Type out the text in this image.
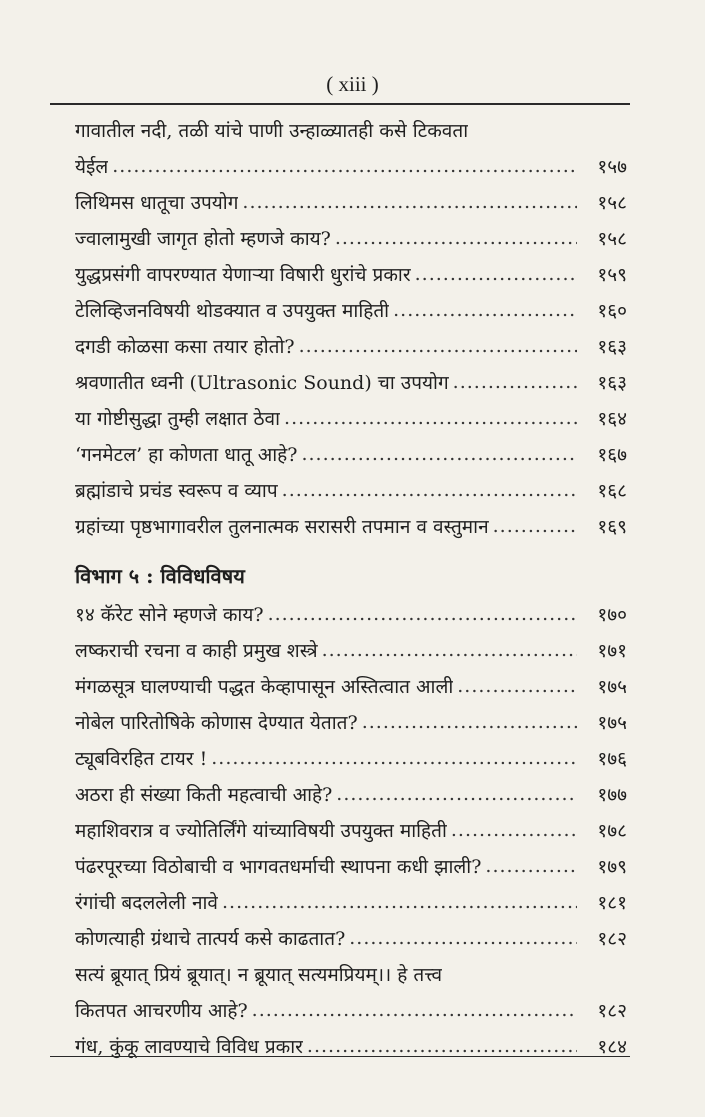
( xiii )
गावातील नदी, तळी यांचे पाणी उन्हाळ्यातही कसे टिकवता
येईल .....	१५७
लिथिमस धातूचा उपयोग .....	१५८
ज्वालामुखी जागृत होतो म्हणजे काय? .....	१५८
युद्धप्रसंगी वापरण्यात येणाऱ्या विषारी धुरांचे प्रकार .....	१५९
टेलिव्हिजनविषयी थोडक्यात व उपयुक्त माहिती .....	१६०
दगडी कोळसा कसा तयार होतो? .....	१६३
श्रवणातीत ध्वनी (Ultrasonic Sound) चा उपयोग .....	१६३
या गोष्टीसुद्धा तुम्ही लक्षात ठेवा .....	१६४
‘गनमेटल’ हा कोणता धातू आहे? .....	१६७
ब्रह्मांडाचे प्रचंड स्वरूप व व्याप .....	१६८
ग्रहांच्या पृष्ठभागावरील तुलनात्मक सरासरी तपमान व वस्तुमान .....	१६९
विभाग ५ : विविधविषय
१४ कॅरेट सोने म्हणजे काय? .....	१७०
लष्कराची रचना व काही प्रमुख शस्त्रे .....	१७१
मंगळसूत्र घालण्याची पद्धत केव्हापासून अस्तित्वात आली .....	१७५
नोबेल पारितोषिके कोणास देण्यात येतात? .....	१७५
ट्यूबविरहित टायर ! .....	१७६
अठरा ही संख्या किती महत्वाची आहे? .....	१७७
महाशिवरात्र व ज्योतिर्लिंगे यांच्याविषयी उपयुक्त माहिती .....	१७८
पंढरपूरच्या विठोबाची व भागवतधर्माची स्थापना कधी झाली? .....	१७९
रंगांची बदललेली नावे .....	१८१
कोणत्याही ग्रंथाचे तात्पर्य कसे काढतात? .....	१८२
सत्यं ब्रूयात् प्रियं ब्रूयात्। न ब्रूयात् सत्यमप्रियम्।। हे तत्त्व
कितपत आचरणीय आहे? .....	१८२
गंध, कुंकू लावण्याचे विविध प्रकार .....	१८४
